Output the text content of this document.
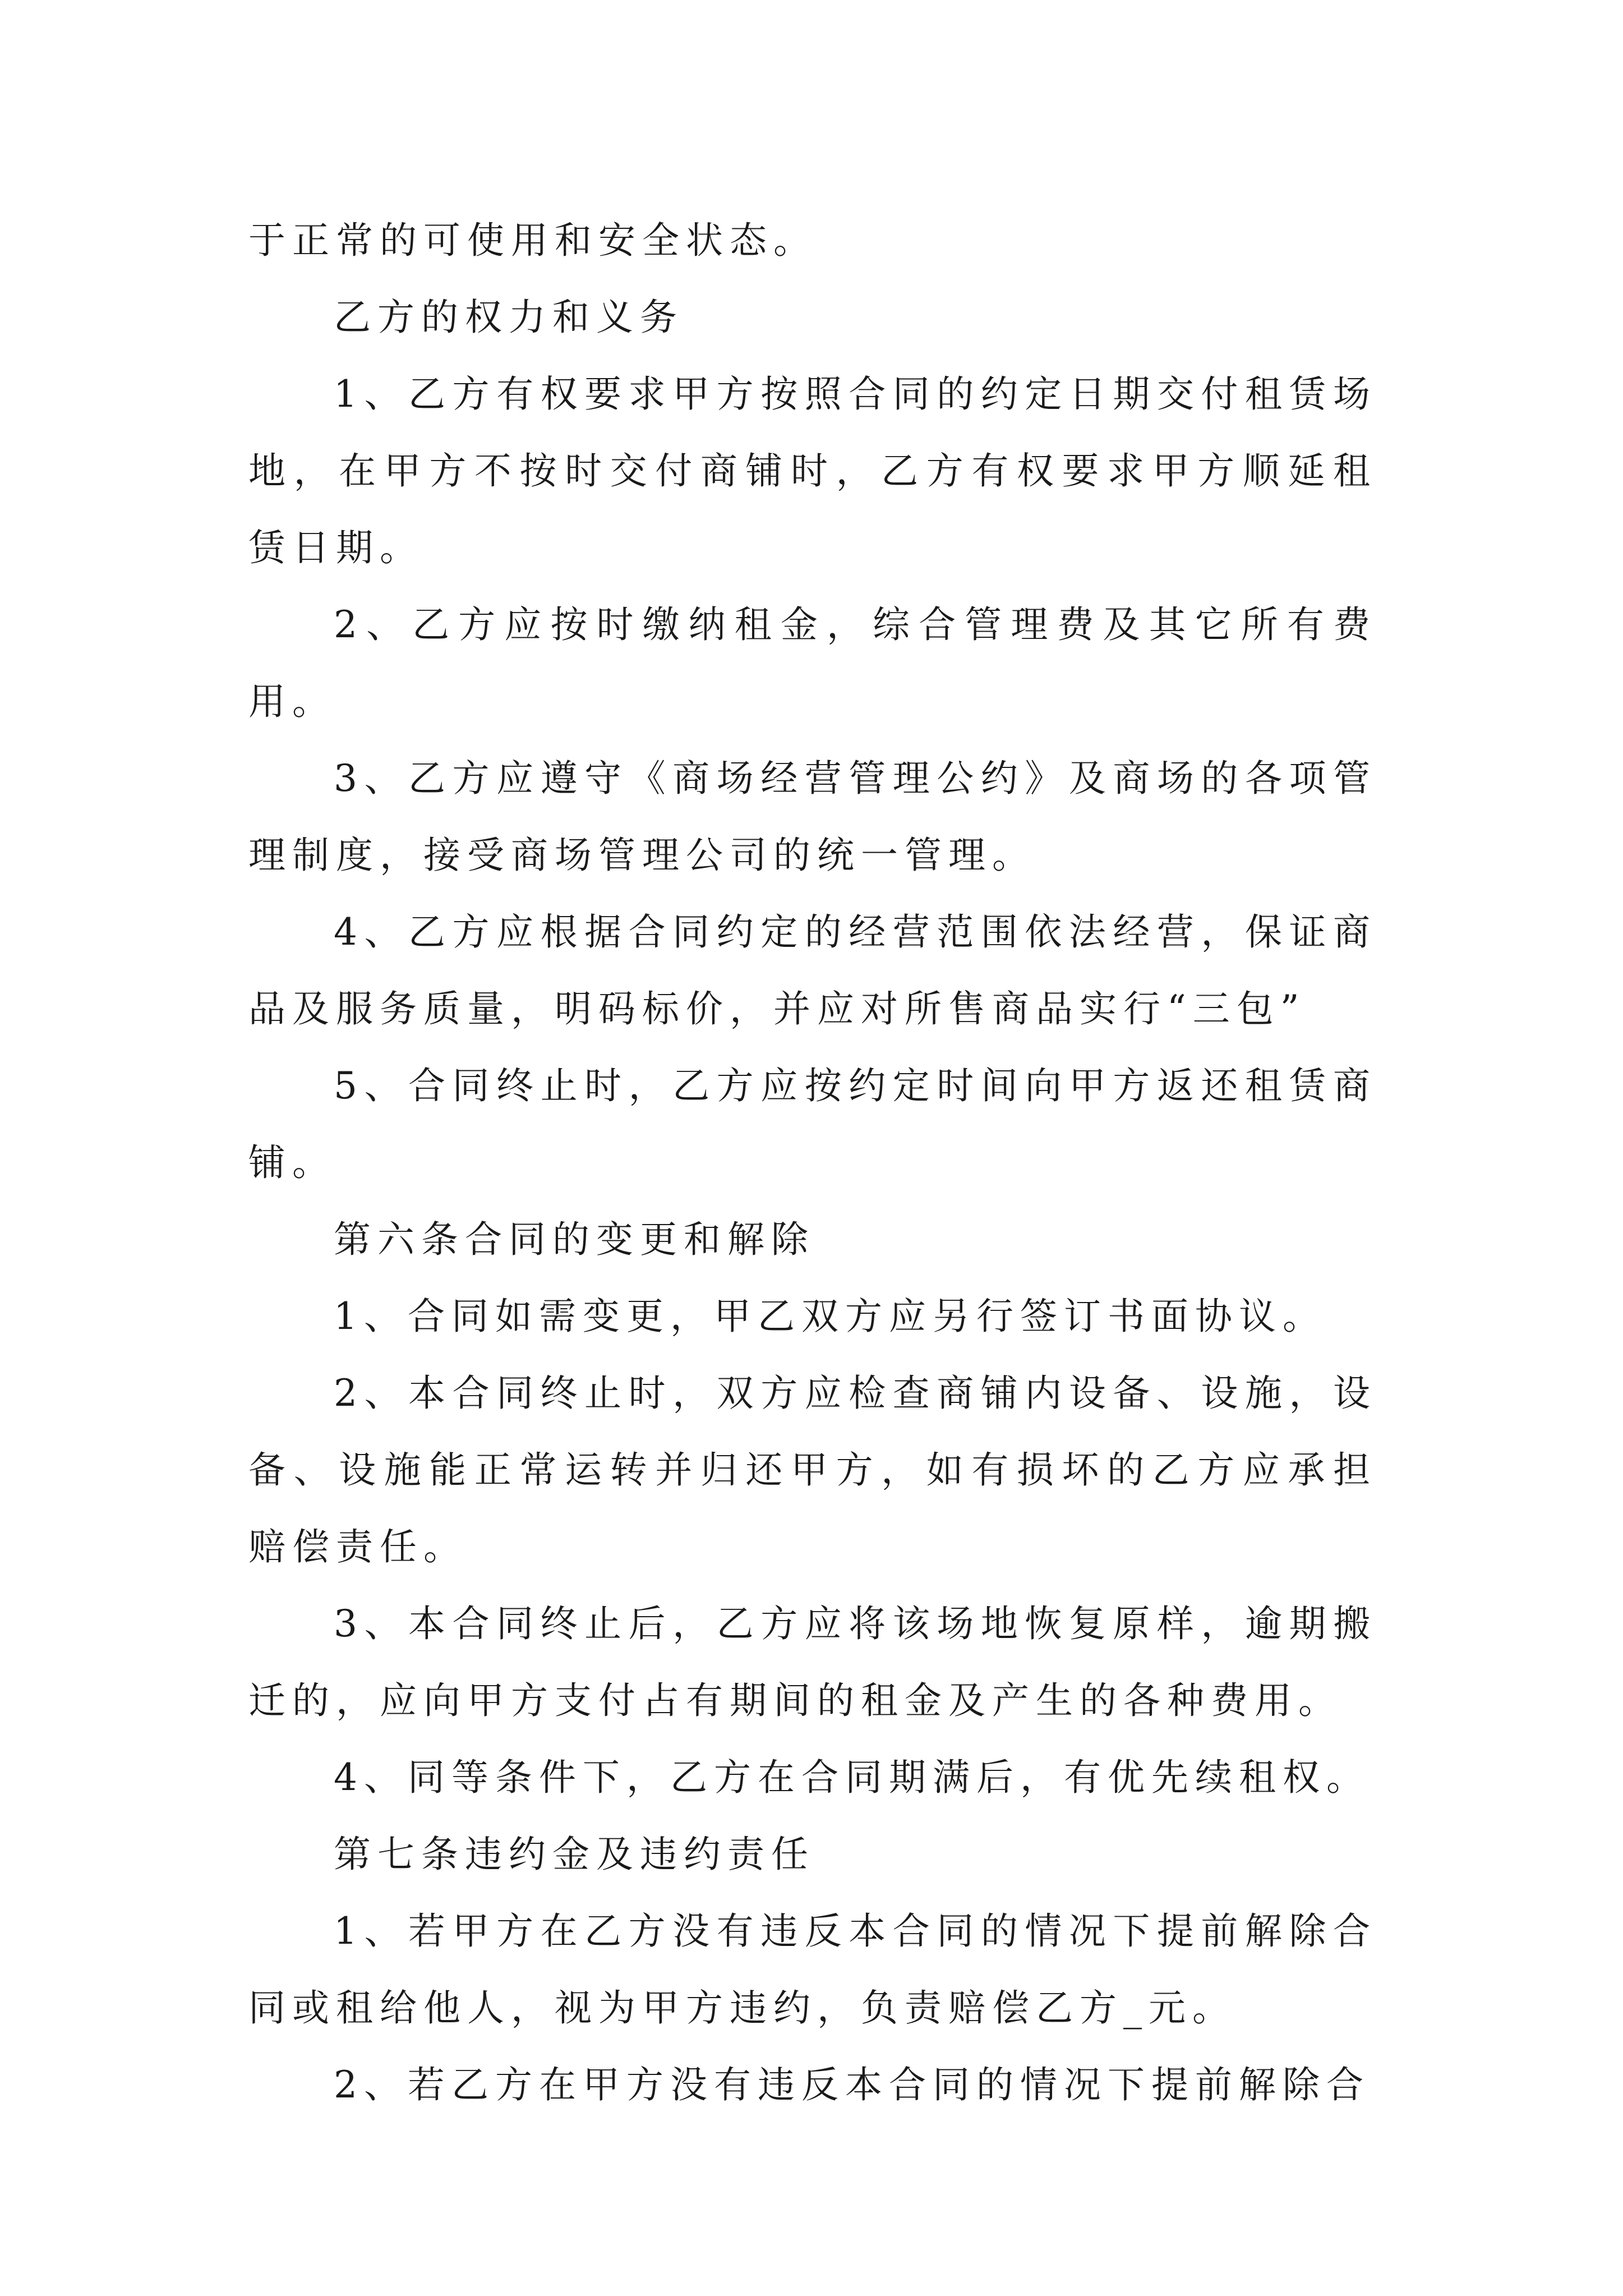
于正常的可使用和安全状态。

乙方的权力和义务

1、乙方有权要求甲方按照合同的约定日期交付租赁场地，在甲方不按时交付商铺时，乙方有权要求甲方顺延租赁日期。

2、乙方应按时缴纳租金，综合管理费及其它所有费用。

3、乙方应遵守《商场经营管理公约》及商场的各项管理制度，接受商场管理公司的统一管理。

4、乙方应根据合同约定的经营范围依法经营，保证商品及服务质量，明码标价，并应对所售商品实行“三包”

5、合同终止时，乙方应按约定时间向甲方返还租赁商铺。

第六条合同的变更和解除

1、合同如需变更，甲乙双方应另行签订书面协议。

2、本合同终止时，双方应检查商铺内设备、设施，设备、设施能正常运转并归还甲方，如有损坏的乙方应承担赔偿责任。

3、本合同终止后，乙方应将该场地恢复原样，逾期搬迁的，应向甲方支付占有期间的租金及产生的各种费用。

4、同等条件下，乙方在合同期满后，有优先续租权。

第七条违约金及违约责任

1、若甲方在乙方没有违反本合同的情况下提前解除合同或租给他人，视为甲方违约，负责赔偿乙方_元。

2、若乙方在甲方没有违反本合同的情况下提前解除合
